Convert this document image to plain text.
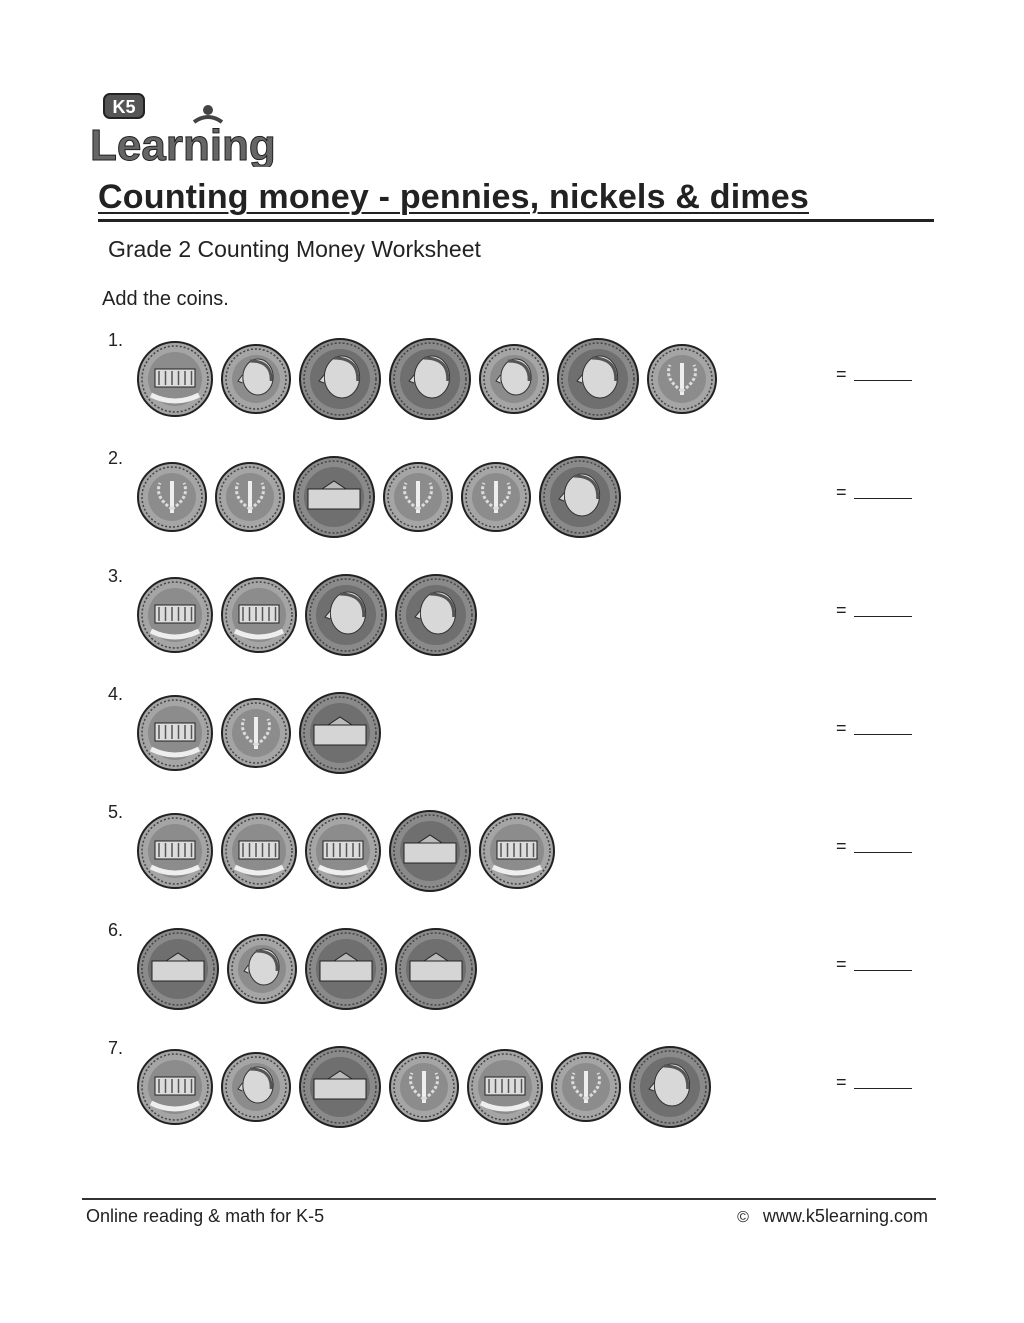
K5
Learning
Counting money - pennies, nickels & dimes
Grade 2 Counting Money Worksheet
Add the coins.
1.
=
2.
=
3.
=
4.
=
5.
=
6.
=
7.
=
Online reading & math for K-5	© www.k5learning.com
